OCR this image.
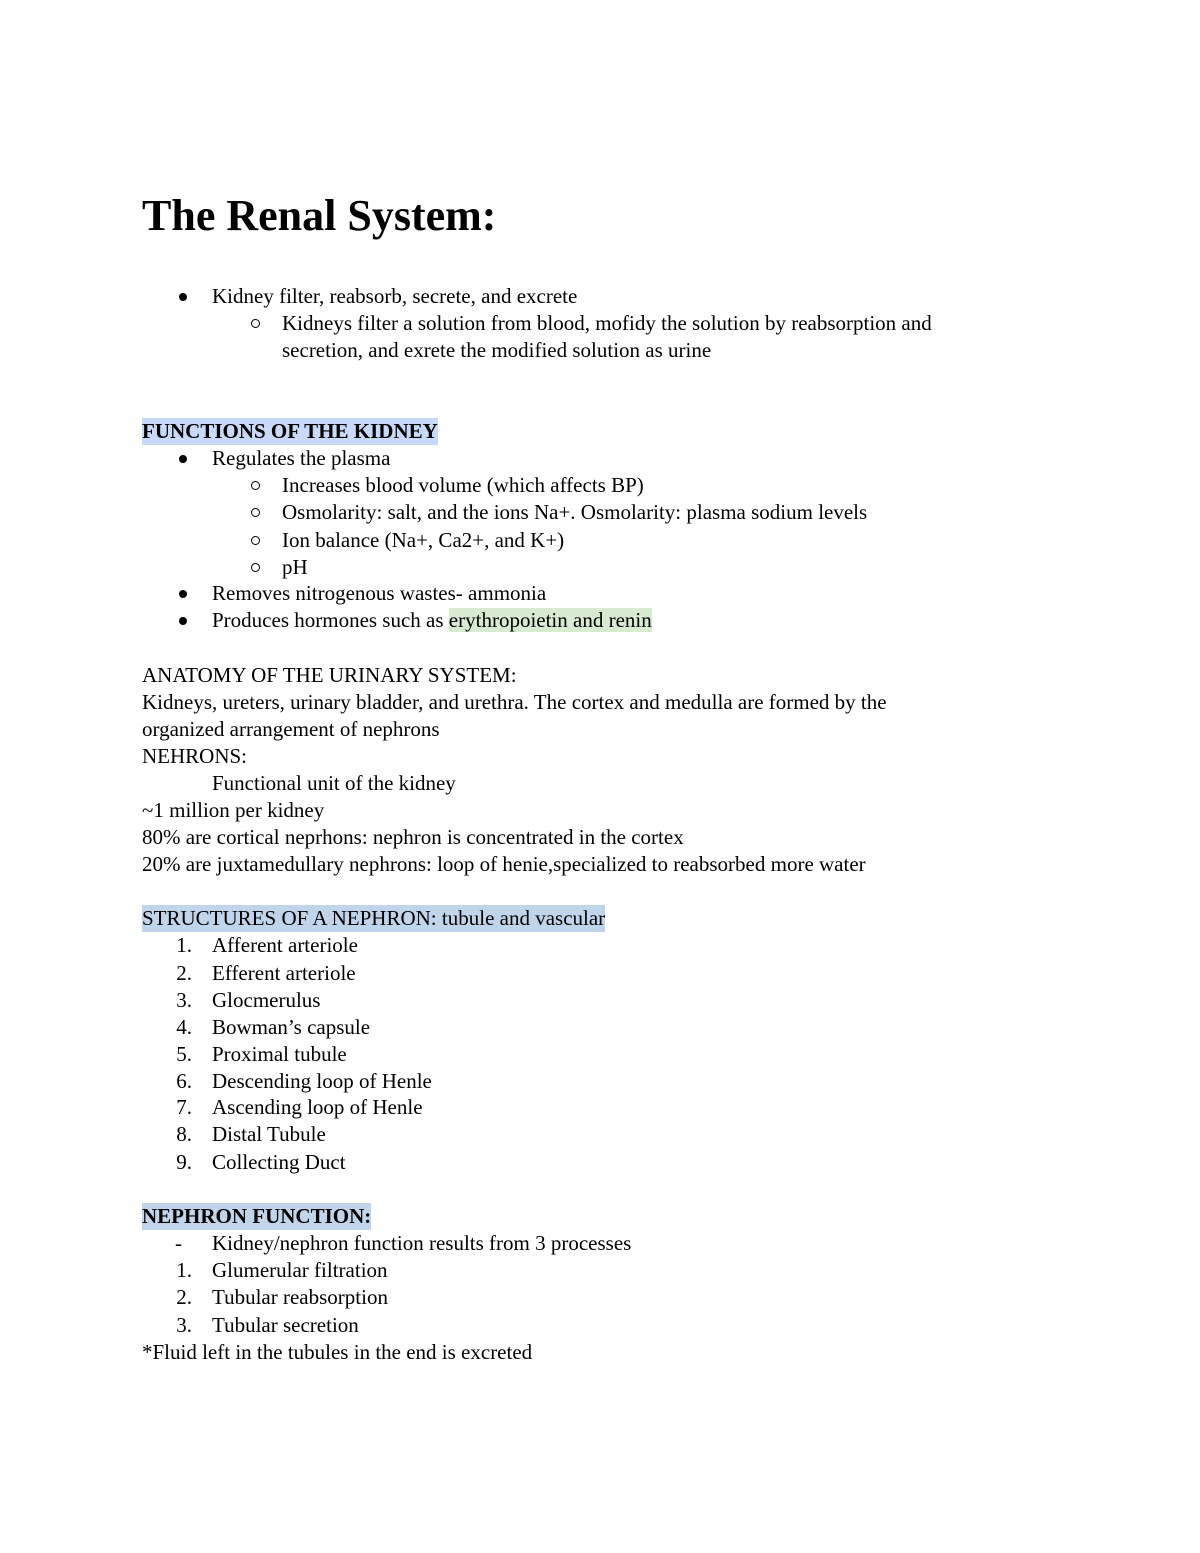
The Renal System:
Kidney filter, reabsorb, secrete, and excrete
Kidneys filter a solution from blood, mofidy the solution by reabsorption and
secretion, and exrete the modified solution as urine
FUNCTIONS OF THE KIDNEY
Regulates the plasma
Increases blood volume (which affects BP)
Osmolarity: salt, and the ions Na+. Osmolarity: plasma sodium levels
Ion balance (Na+, Ca2+, and K+)
pH
Removes nitrogenous wastes- ammonia
Produces hormones such as erythropoietin and renin
ANATOMY OF THE URINARY SYSTEM:
Kidneys, ureters, urinary bladder, and urethra. The cortex and medulla are formed by the
organized arrangement of nephrons
NEHRONS:
Functional unit of the kidney
~1 million per kidney
80% are cortical neprhons: nephron is concentrated in the cortex
20% are juxtamedullary nephrons: loop of henie,specialized to reabsorbed more water
STRUCTURES OF A NEPHRON: tubule and vascular
1. Afferent arteriole
2. Efferent arteriole
3. Glocmerulus
4. Bowman’s capsule
5. Proximal tubule
6. Descending loop of Henle
7. Ascending loop of Henle
8. Distal Tubule
9. Collecting Duct
NEPHRON FUNCTION:
- Kidney/nephron function results from 3 processes
1. Glumerular filtration
2. Tubular reabsorption
3. Tubular secretion
*Fluid left in the tubules in the end is excreted
